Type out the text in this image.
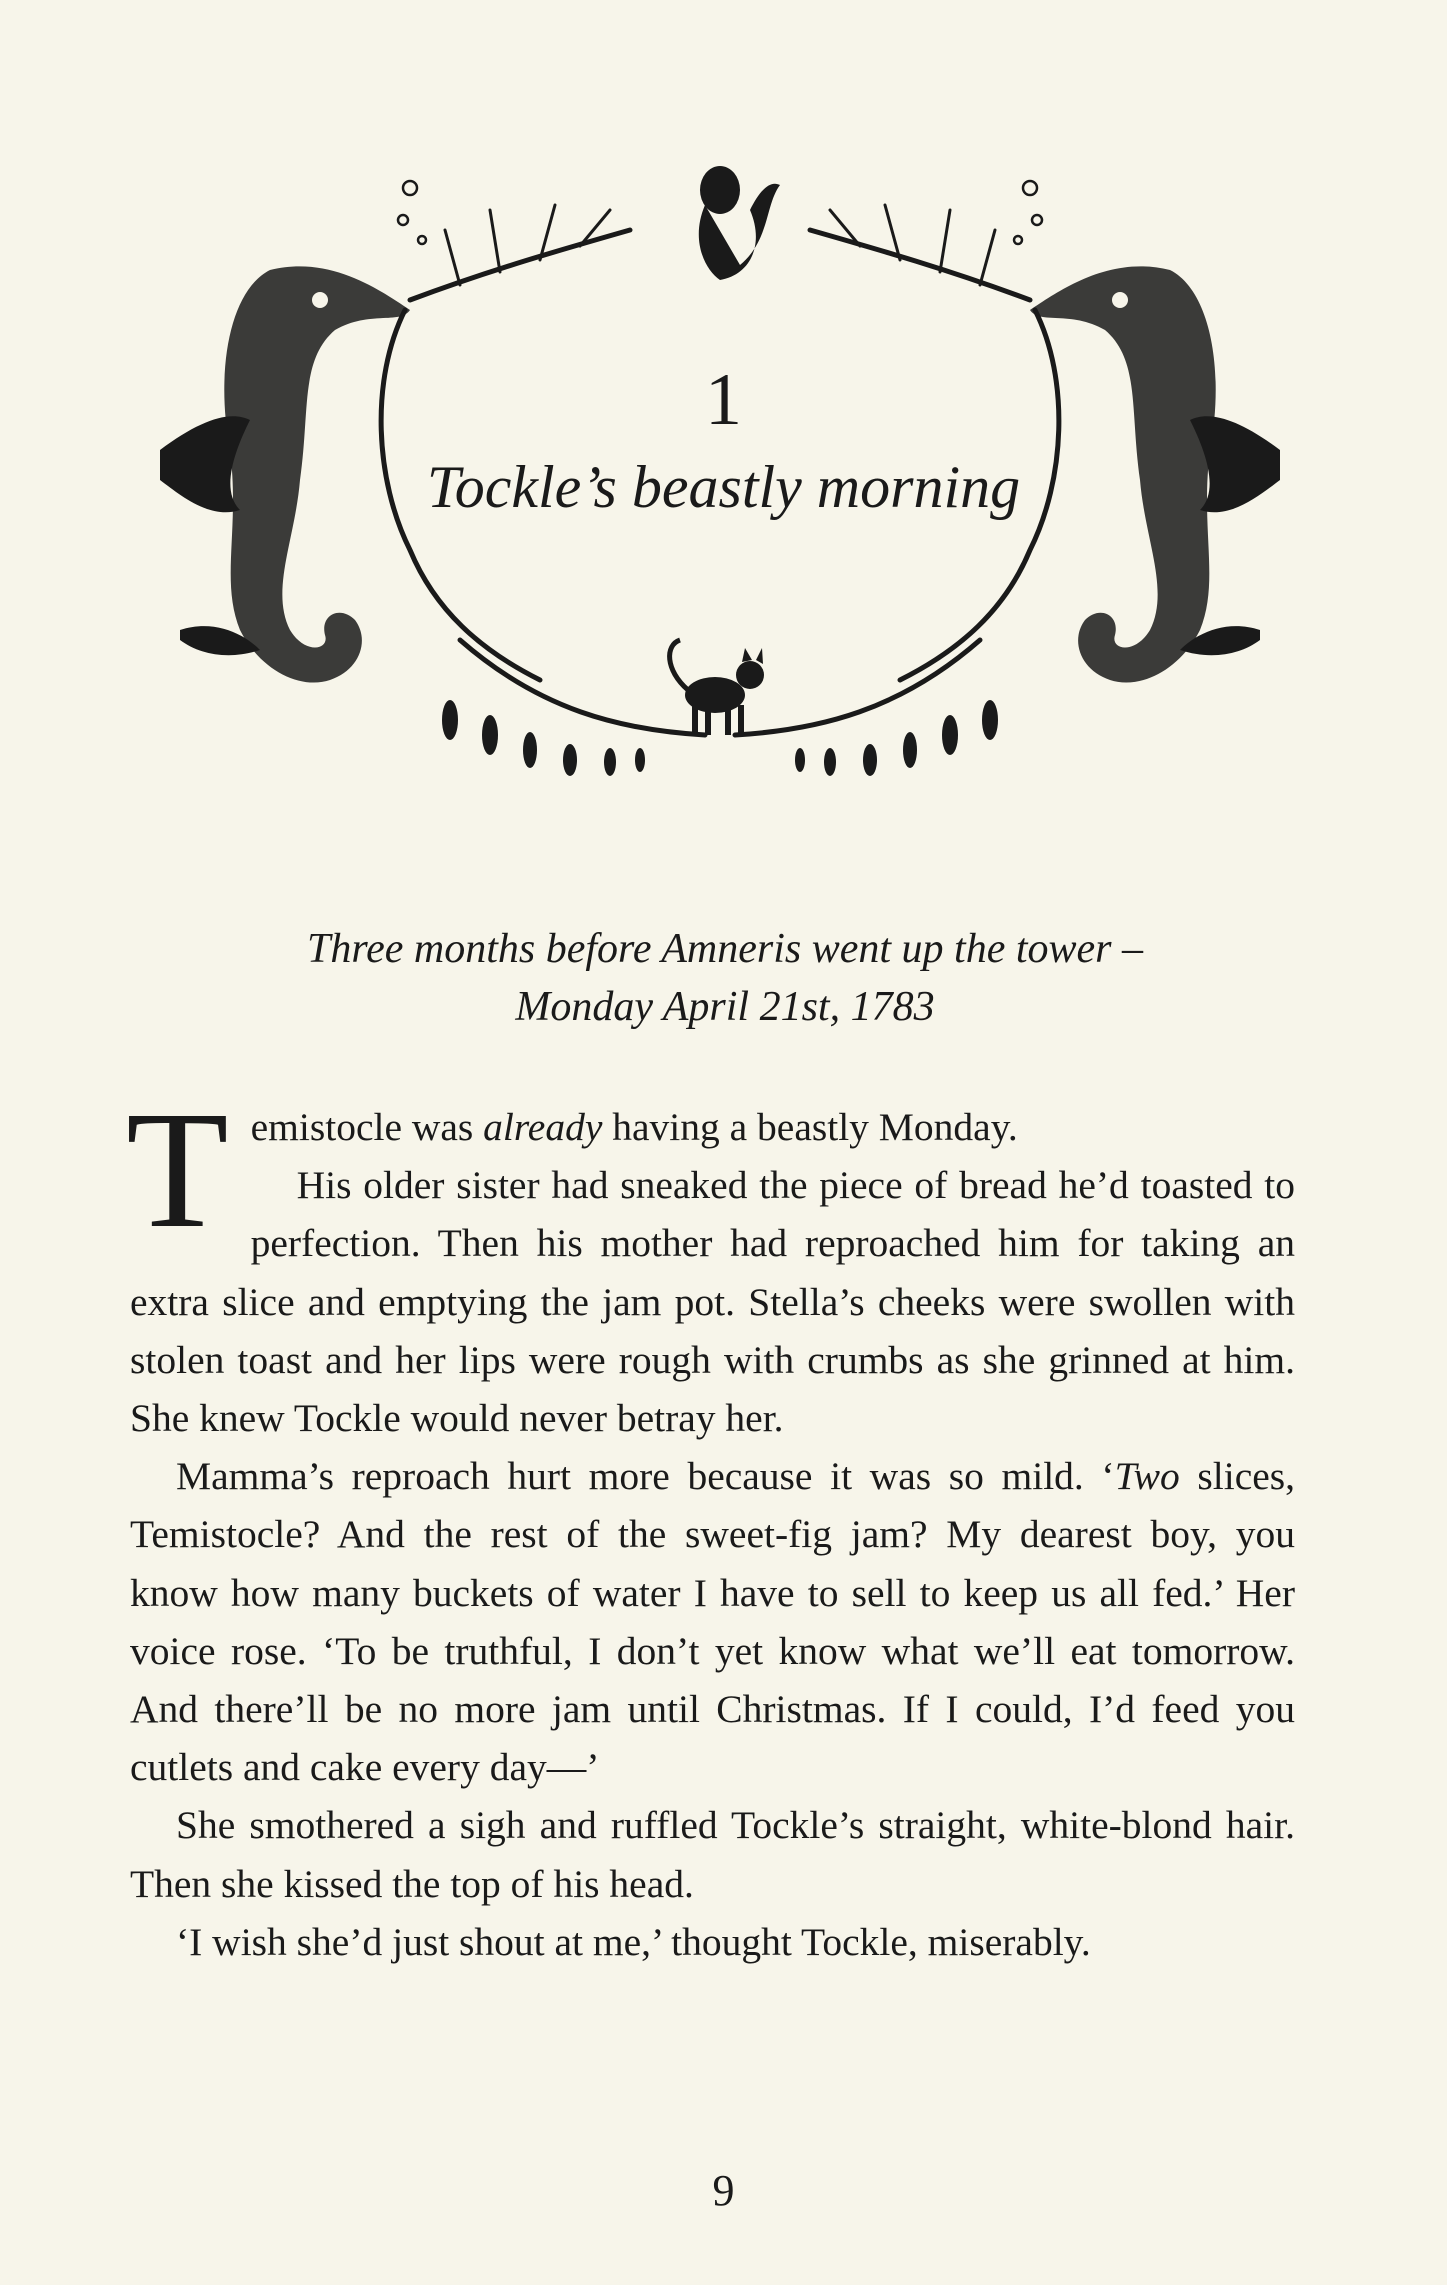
1
Tockle’s beastly morning
Three months before Amneris went up the tower –
Monday April 21st, 1783

Temistocle was already having a beastly Monday.

His older sister had sneaked the piece of bread he’d toasted to perfection. Then his mother had reproached him for taking an extra slice and emptying the jam pot. Stella’s cheeks were swollen with stolen toast and her lips were rough with crumbs as she grinned at him. She knew Tockle would never betray her.

Mamma’s reproach hurt more because it was so mild. ‘Two slices, Temistocle? And the rest of the sweet-fig jam? My dearest boy, you know how many buckets of water I have to sell to keep us all fed.’ Her voice rose. ‘To be truthful, I don’t yet know what we’ll eat tomorrow. And there’ll be no more jam until Christmas. If I could, I’d feed you cutlets and cake every day—’

She smothered a sigh and ruffled Tockle’s straight, white-blond hair. Then she kissed the top of his head.

‘I wish she’d just shout at me,’ thought Tockle, miserably.

9
